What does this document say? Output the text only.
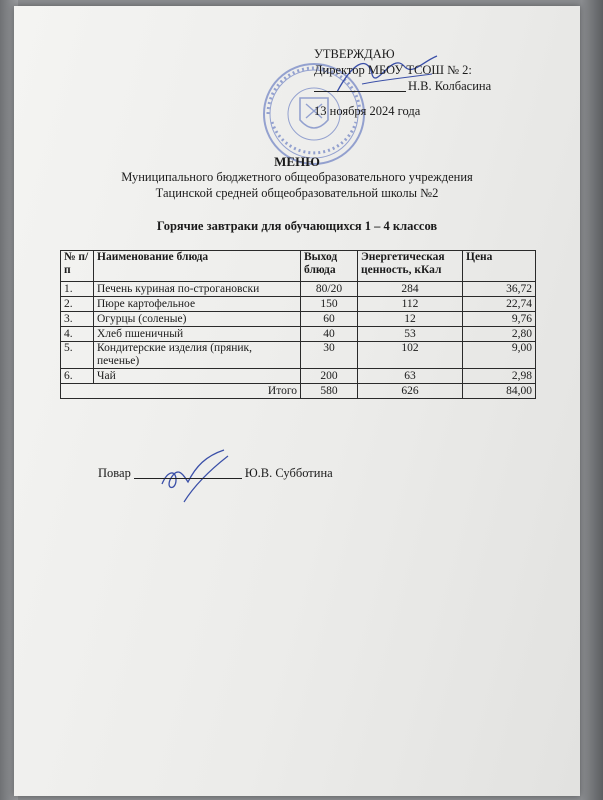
УТВЕРЖДАЮ
Директор МБОУ ТСОШ № 2:
Н.В. Колбасина
13 ноября 2024 года
МЕНЮ
Муниципального бюджетного общеобразовательного учреждения
Тацинской средней общеобразовательной школы №2
Горячие завтраки для обучающихся 1 – 4 классов
№ п/п	Наименование блюда	Выход блюда	Энергетическая ценность, кКал	Цена
1.	Печень куриная по-строгановски	80/20	284	36,72
2.	Пюре картофельное	150	112	22,74
3.	Огурцы (соленые)	60	12	9,76
4.	Хлеб пшеничный	40	53	2,80
5.	Кондитерские изделия (пряник, печенье)	30	102	9,00
6.	Чай	200	63	2,98
Итого		580	626	84,00
Повар	Ю.В. Субботина
